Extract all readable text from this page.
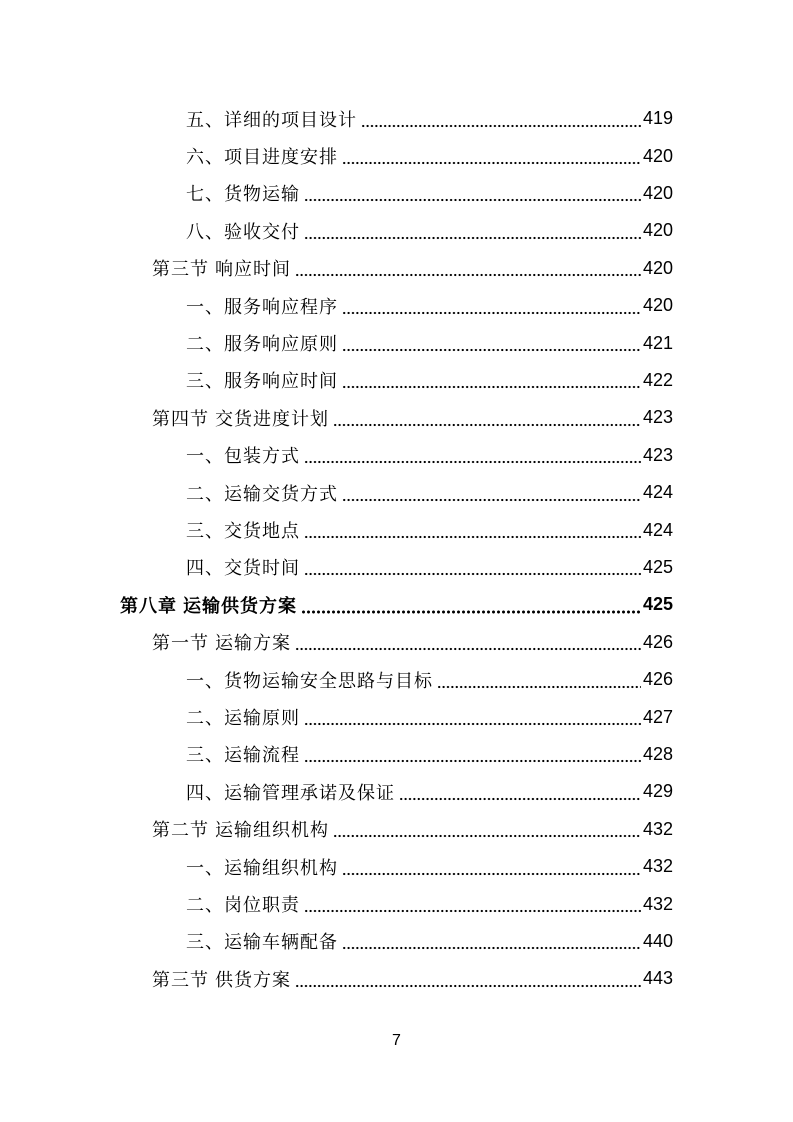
五、详细的项目设计	419
六、项目进度安排	420
七、货物运输	420
八、验收交付	420
第三节 响应时间	420
一、服务响应程序	420
二、服务响应原则	421
三、服务响应时间	422
第四节 交货进度计划	423
一、包装方式	423
二、运输交货方式	424
三、交货地点	424
四、交货时间	425
第八章 运输供货方案	425
第一节 运输方案	426
一、货物运输安全思路与目标	426
二、运输原则	427
三、运输流程	428
四、运输管理承诺及保证	429
第二节 运输组织机构	432
一、运输组织机构	432
二、岗位职责	432
三、运输车辆配备	440
第三节 供货方案	443
7
